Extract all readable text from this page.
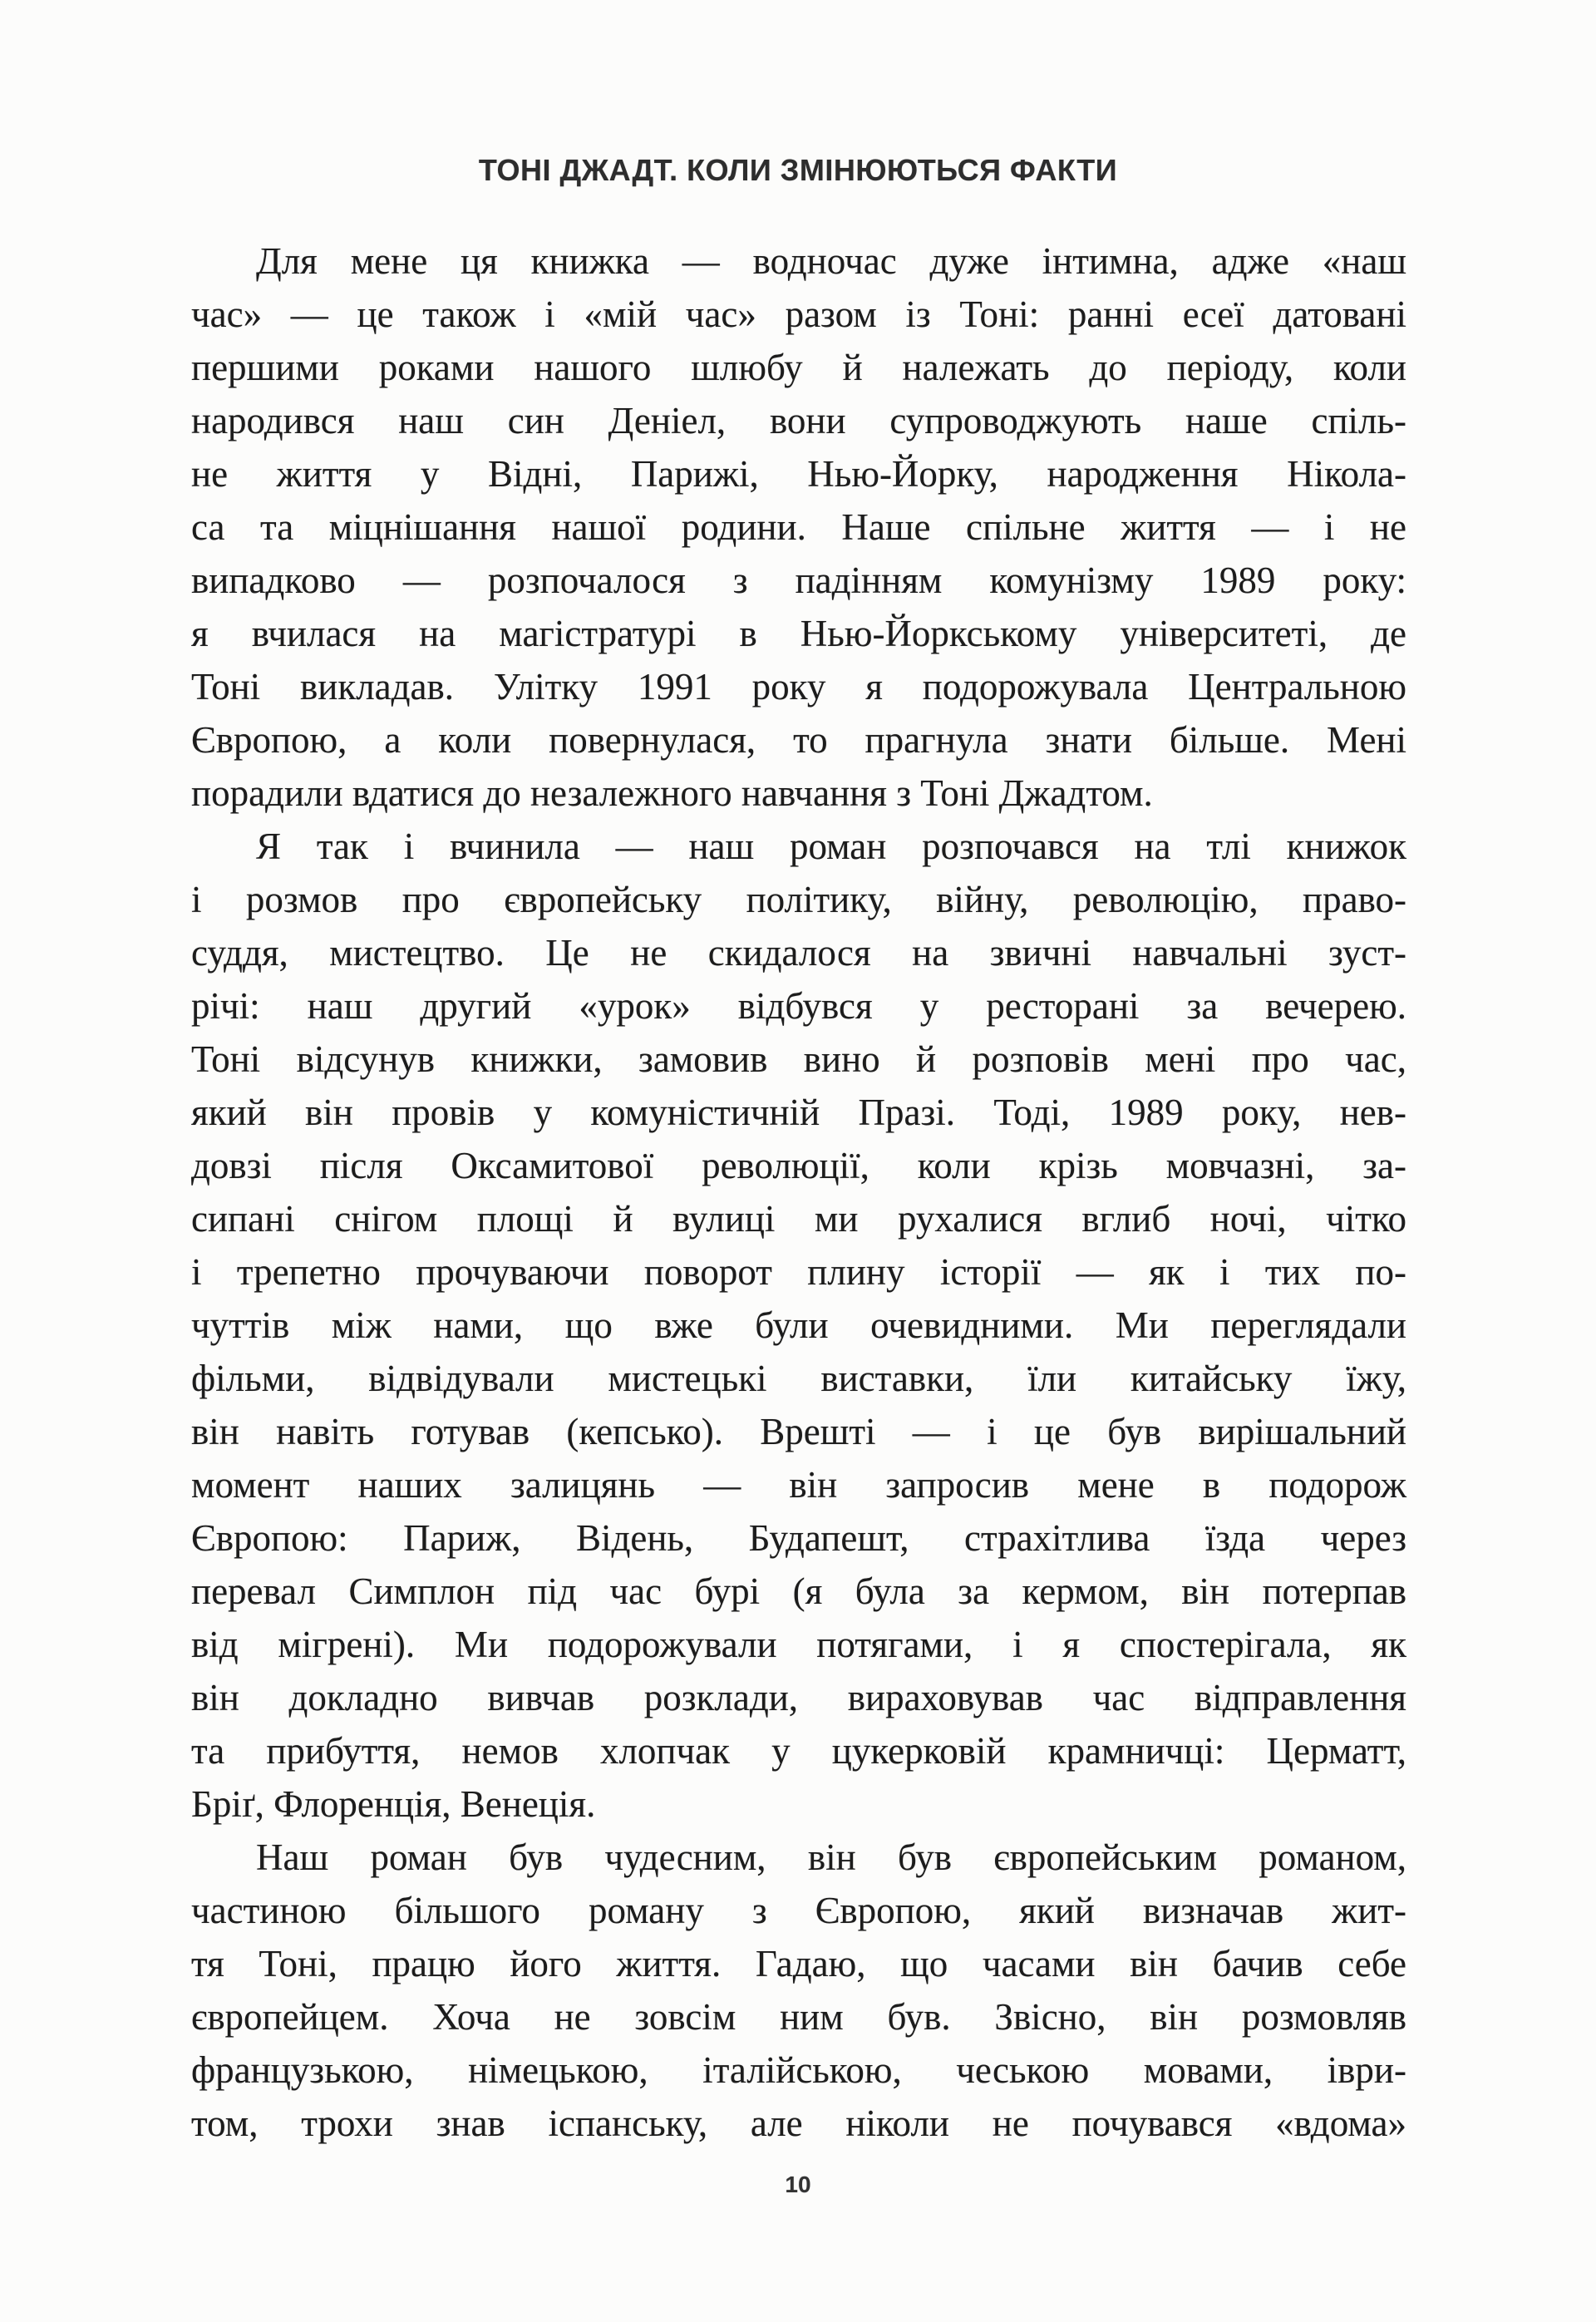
ТОНІ ДЖАДТ. КОЛИ ЗМІНЮЮТЬСЯ ФАКТИ
Для мене ця книжка — водночас дуже інтимна, адже «наш
час» — це також і «мій час» разом із Тоні: ранні есеї датовані
першими роками нашого шлюбу й належать до періоду, коли
народився наш син Деніел, вони супроводжують наше спіль-
не життя у Відні, Парижі, Нью-Йорку, народження Нікола-
са та міцнішання нашої родини. Наше спільне життя — і не
випадково — розпочалося з падінням комунізму 1989 року:
я вчилася на магістратурі в Нью-Йоркському університеті, де
Тоні викладав. Улітку 1991 року я подорожувала Центральною
Європою, а коли повернулася, то прагнула знати більше. Мені
порадили вдатися до незалежного навчання з Тоні Джадтом.
Я так і вчинила — наш роман розпочався на тлі книжок
і розмов про європейську політику, війну, революцію, право-
суддя, мистецтво. Це не скидалося на звичні навчальні зуст-
річі: наш другий «урок» відбувся у ресторані за вечерею.
Тоні відсунув книжки, замовив вино й розповів мені про час,
який він провів у комуністичній Празі. Тоді, 1989 року, нев-
довзі після Оксамитової революції, коли крізь мовчазні, за-
сипані снігом площі й вулиці ми рухалися вглиб ночі, чітко
і трепетно прочуваючи поворот плину історії — як і тих по-
чуттів між нами, що вже були очевидними. Ми переглядали
фільми, відвідували мистецькі виставки, їли китайську їжу,
він навіть готував (кепсько). Врешті — і це був вирішальний
момент наших залицянь — він запросив мене в подорож
Європою: Париж, Відень, Будапешт, страхітлива їзда через
перевал Симплон під час бурі (я була за кермом, він потерпав
від мігрені). Ми подорожували потягами, і я спостерігала, як
він докладно вивчав розклади, вираховував час відправлення
та прибуття, немов хлопчак у цукерковій крамничці: Церматт,
Бріґ, Флоренція, Венеція.
Наш роман був чудесним, він був європейським романом,
частиною більшого роману з Європою, який визначав жит-
тя Тоні, працю його життя. Гадаю, що часами він бачив себе
європейцем. Хоча не зовсім ним був. Звісно, він розмовляв
французькою, німецькою, італійською, чеською мовами, іври-
том, трохи знав іспанську, але ніколи не почувався «вдома»
10
